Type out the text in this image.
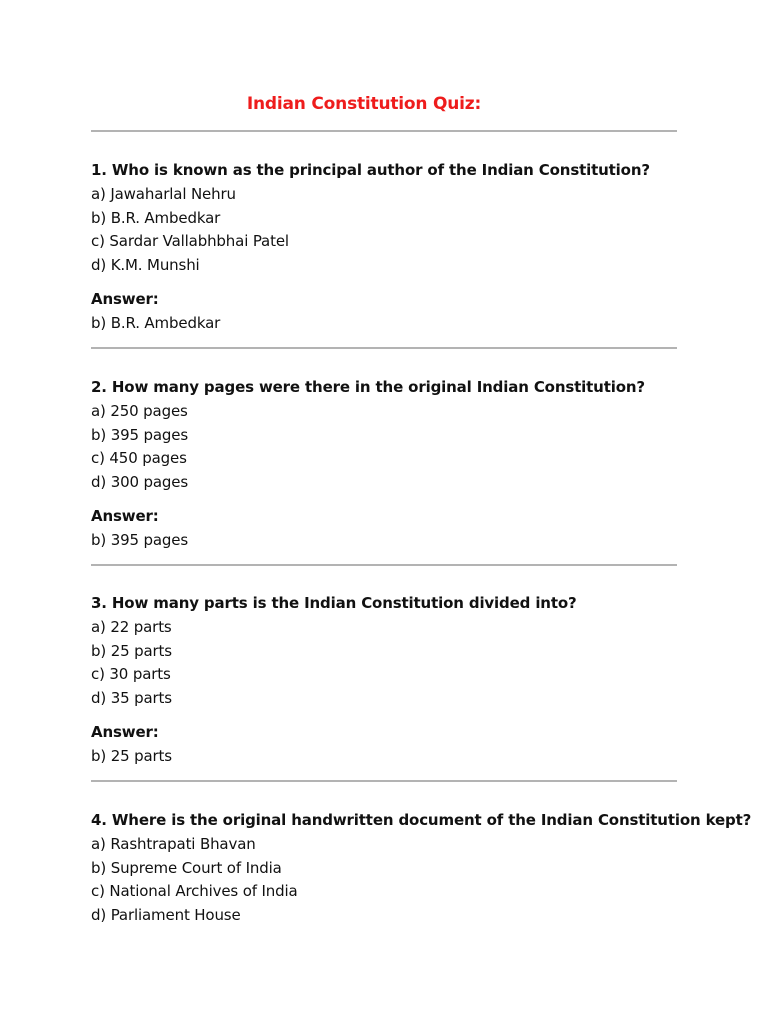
Indian Constitution Quiz:
1. Who is known as the principal author of the Indian Constitution?
a) Jawaharlal Nehru
b) B.R. Ambedkar
c) Sardar Vallabhbhai Patel
d) K.M. Munshi
Answer:
b) B.R. Ambedkar
2. How many pages were there in the original Indian Constitution?
a) 250 pages
b) 395 pages
c) 450 pages
d) 300 pages
Answer:
b) 395 pages
3. How many parts is the Indian Constitution divided into?
a) 22 parts
b) 25 parts
c) 30 parts
d) 35 parts
Answer:
b) 25 parts
4. Where is the original handwritten document of the Indian Constitution kept?
a) Rashtrapati Bhavan
b) Supreme Court of India
c) National Archives of India
d) Parliament House
